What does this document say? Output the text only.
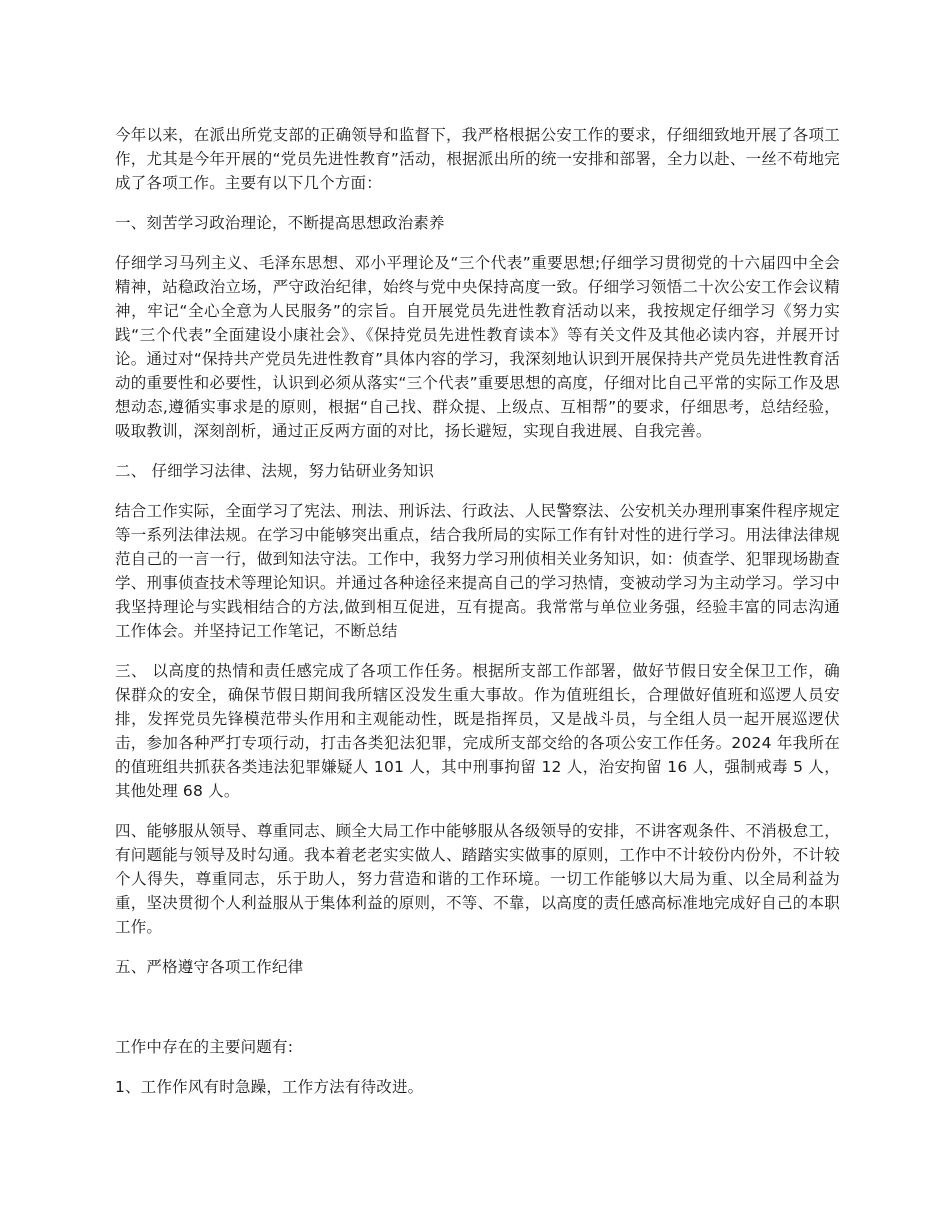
今年以来，在派出所党支部的正确领导和监督下，我严格根据公安工作的要求，仔细细致地开展了各项工作，尤其是今年开展的“党员先进性教育”活动，根据派出所的统一安排和部署，全力以赴、一丝不苟地完成了各项工作。主要有以下几个方面：

一、刻苦学习政治理论，不断提高思想政治素养

仔细学习马列主义、毛泽东思想、邓小平理论及“三个代表”重要思想;仔细学习贯彻党的十六届四中全会精神，站稳政治立场，严守政治纪律，始终与党中央保持高度一致。仔细学习领悟二十次公安工作会议精神，牢记“全心全意为人民服务”的宗旨。自开展党员先进性教育活动以来，我按规定仔细学习《努力实践“三个代表”全面建设小康社会》、《保持党员先进性教育读本》等有关文件及其他必读内容，并展开讨论。通过对“保持共产党员先进性教育”具体内容的学习，我深刻地认识到开展保持共产党员先进性教育活动的重要性和必要性，认识到必须从落实“三个代表”重要思想的高度，仔细对比自己平常的实际工作及思想动态,遵循实事求是的原则，根据“自己找、群众提、上级点、互相帮”的要求，仔细思考，总结经验，吸取教训，深刻剖析，通过正反两方面的对比，扬长避短，实现自我进展、自我完善。

二、 仔细学习法律、法规，努力钻研业务知识

结合工作实际，全面学习了宪法、刑法、刑诉法、行政法、人民警察法、公安机关办理刑事案件程序规定等一系列法律法规。在学习中能够突出重点，结合我所局的实际工作有针对性的进行学习。用法律法律规范自己的一言一行，做到知法守法。工作中，我努力学习刑侦相关业务知识，如：侦查学、犯罪现场勘查学、刑事侦查技术等理论知识。并通过各种途径来提高自己的学习热情，变被动学习为主动学习。学习中我坚持理论与实践相结合的方法,做到相互促进，互有提高。我常常与单位业务强，经验丰富的同志沟通工作体会。并坚持记工作笔记，不断总结

三、 以高度的热情和责任感完成了各项工作任务。根据所支部工作部署，做好节假日安全保卫工作，确保群众的安全，确保节假日期间我所辖区没发生重大事故。作为值班组长，合理做好值班和巡逻人员安排，发挥党员先锋模范带头作用和主观能动性，既是指挥员，又是战斗员，与全组人员一起开展巡逻伏击，参加各种严打专项行动，打击各类犯法犯罪，完成所支部交给的各项公安工作任务。2024 年我所在的值班组共抓获各类违法犯罪嫌疑人 101 人，其中刑事拘留 12 人，治安拘留 16 人，强制戒毒 5 人，其他处理 68 人。

四、能够服从领导、尊重同志、顾全大局工作中能够服从各级领导的安排，不讲客观条件、不消极怠工，有问题能与领导及时勾通。我本着老老实实做人、踏踏实实做事的原则，工作中不计较份内份外，不计较个人得失，尊重同志，乐于助人，努力营造和谐的工作环境。一切工作能够以大局为重、以全局利益为重，坚决贯彻个人利益服从于集体利益的原则，不等、不靠，以高度的责任感高标准地完成好自己的本职工作。

五、严格遵守各项工作纪律

工作中存在的主要问题有:

1、工作作风有时急躁，工作方法有待改进。
